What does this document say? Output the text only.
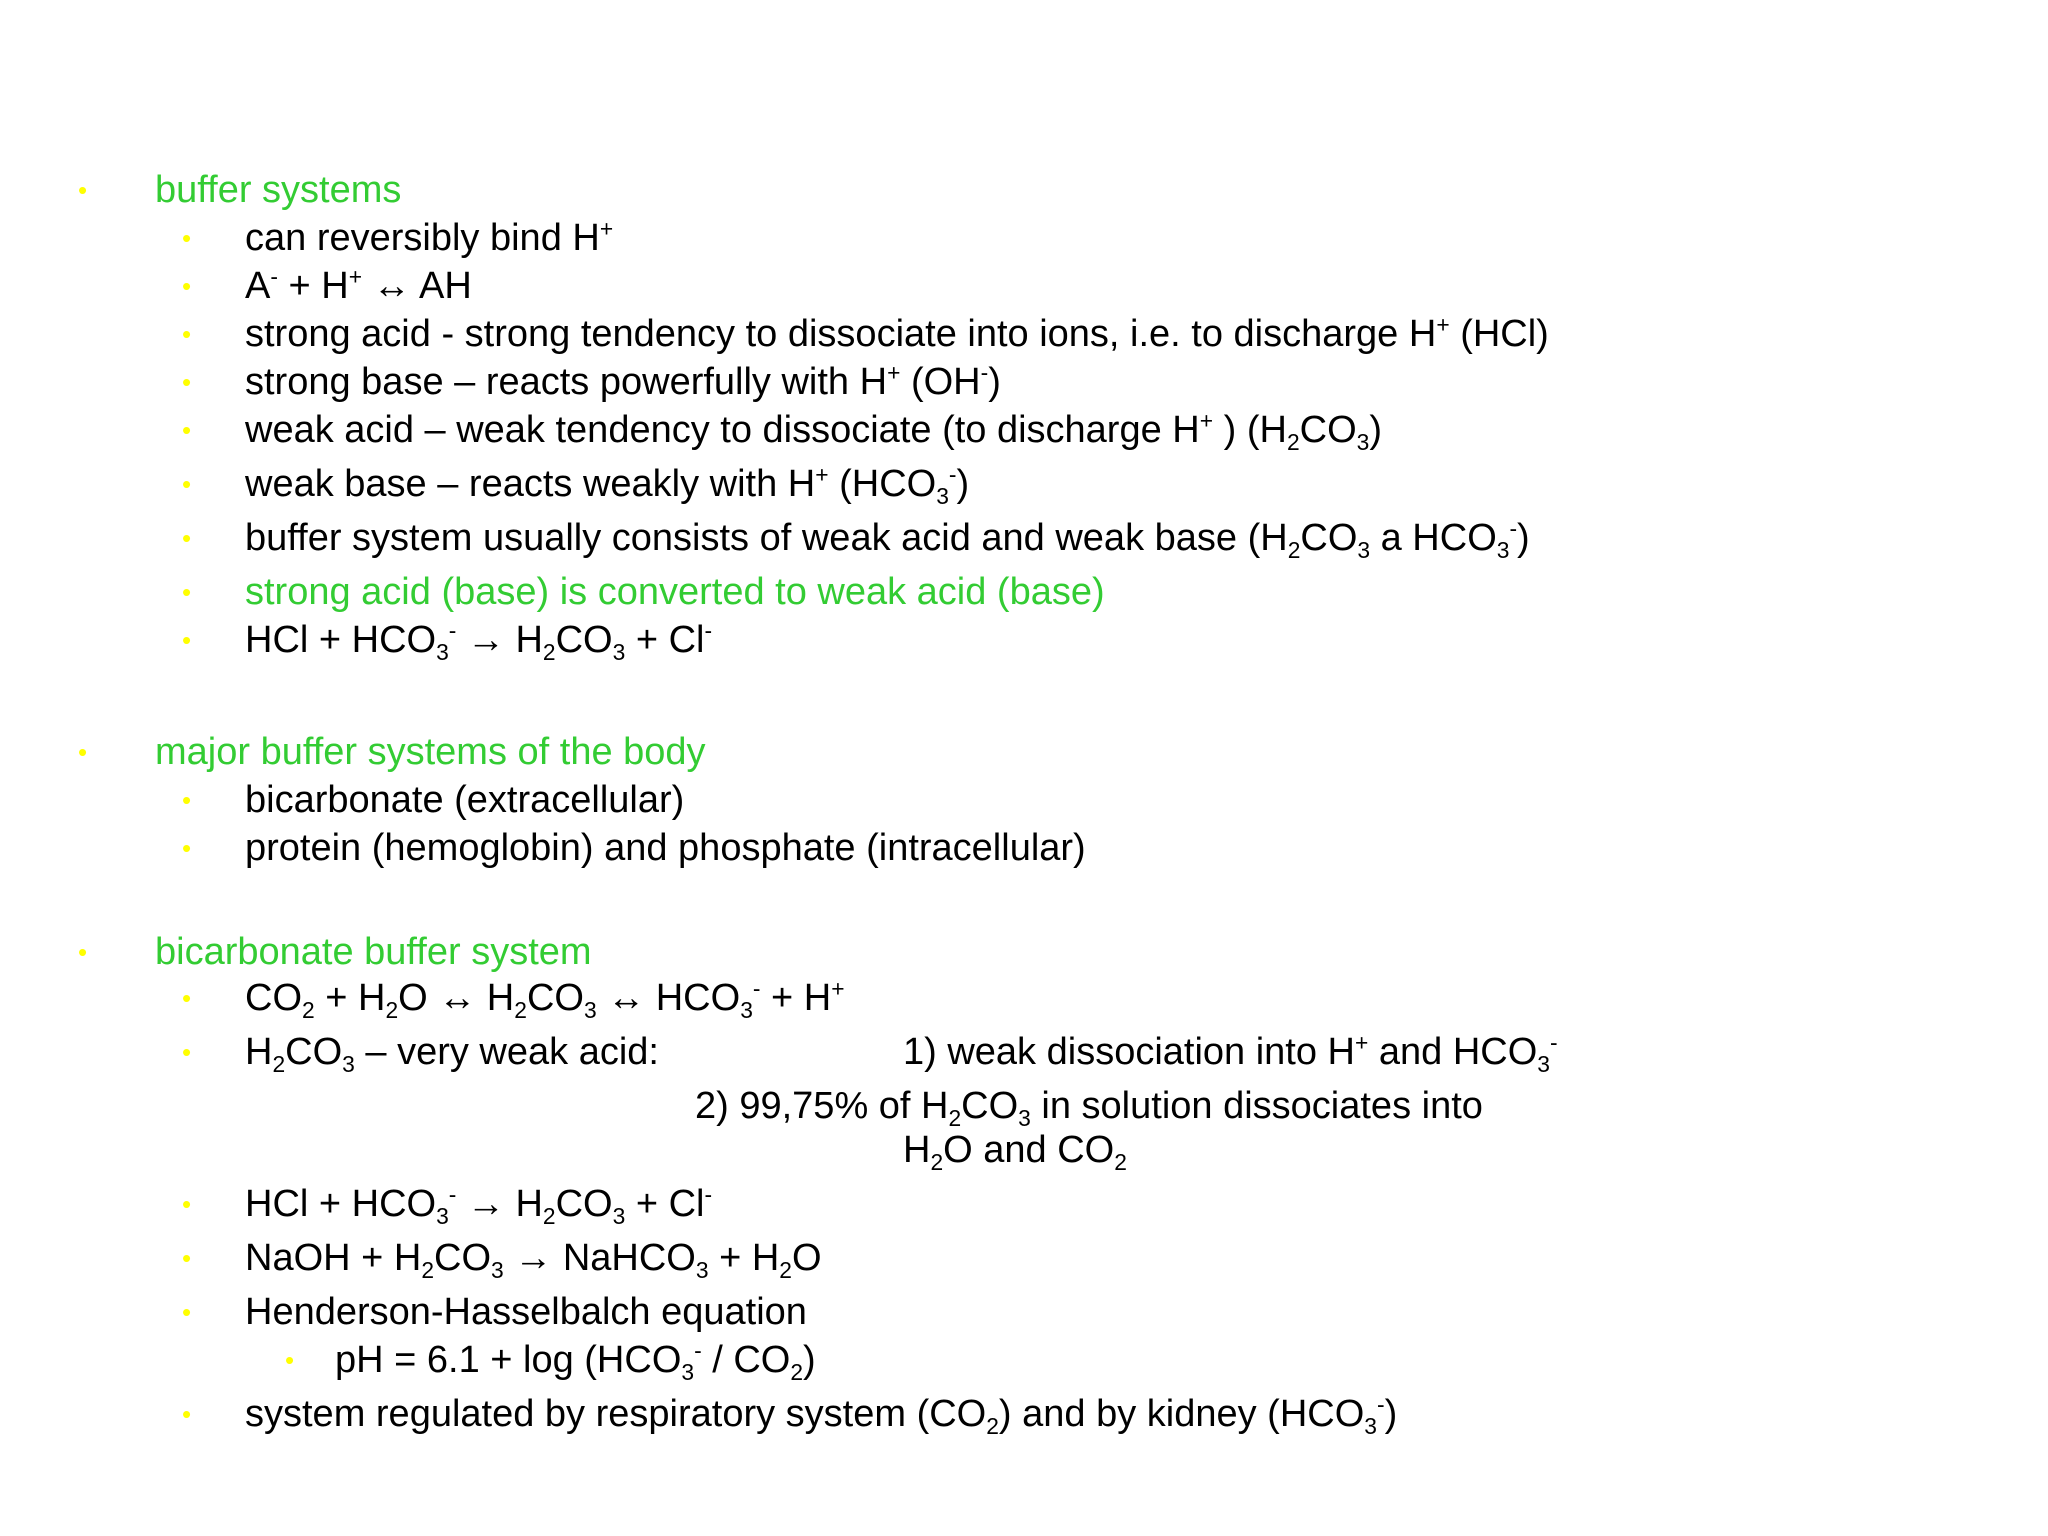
• buffer systems
• can reversibly bind H+
• A- + H+ ↔ AH
• strong acid - strong tendency to dissociate into ions, i.e. to discharge H+ (HCl)
• strong base – reacts powerfully with H+ (OH-)
• weak acid – weak tendency to dissociate (to discharge H+ ) $(H_2CO_3)$
• weak base – reacts weakly with H+ $(HCO_3^-)$
• buffer system usually consists of weak acid and weak base ($H_2CO_3$ a $HCO_3^-$)
• strong acid (base) is converted to weak acid (base)
• HCl + $HCO_3^- \to H_2CO_3 + Cl^-$
• major buffer systems of the body
• bicarbonate (extracellular)
• protein (hemoglobin) and phosphate (intracellular)
• bicarbonate buffer system
• $CO_2 + H_2O$ ↔ $H_2CO_3$ ↔ $HCO_3^- + H^+$
• $H_2CO_3$ – very weak acid:	1) weak dissociation into H+ and $HCO_3^-$
2) 99,75% of $H_2CO_3$ in solution dissociates into
$H_2O$ and $CO_2$
• HCl + $HCO_3^- \to H_2CO_3 + Cl^-$
• NaOH + $H_2CO_3$ → NaHCO$_3$ + $H_2O$
• Henderson-Hasselbalch equation
• pH = $6.1 + \log (HCO_3^- / CO_2)$
• system regulated by respiratory system $(CO_2)$ and by kidney $(HCO_3^-)$
